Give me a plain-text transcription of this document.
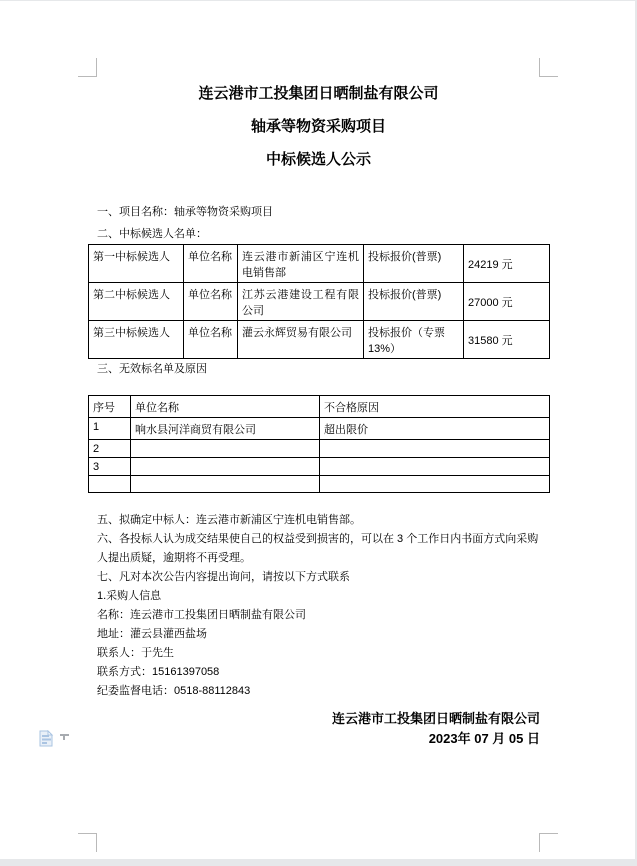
连云港市工投集团日晒制盐有限公司
轴承等物资采购项目
中标候选人公示
一、项目名称：轴承等物资采购项目
二、中标候选人名单：
第一中标候选人	单位名称	连云港市新浦区宁连机电销售部	投标报价(普票)	24219 元
第二中标候选人	单位名称	江苏云港建设工程有限公司	投标报价(普票)	27000 元
第三中标候选人	单位名称	灌云永辉贸易有限公司	投标报价（专票 13%）	31580 元
三、无效标名单及原因
序号	单位名称	不合格原因
1	响水县河洋商贸有限公司	超出限价
2		
3		

五、拟确定中标人：连云港市新浦区宁连机电销售部。
六、各投标人认为成交结果使自己的权益受到损害的，可以在 3 个工作日内书面方式向采购人提出质疑，逾期将不再受理。
七、凡对本次公告内容提出询问，请按以下方式联系
1.采购人信息
名称：连云港市工投集团日晒制盐有限公司
地址：灌云县灌西盐场
联系人：于先生
联系方式：15161397058
纪委监督电话：0518-88112843
连云港市工投集团日晒制盐有限公司
2023年 07 月 05 日
